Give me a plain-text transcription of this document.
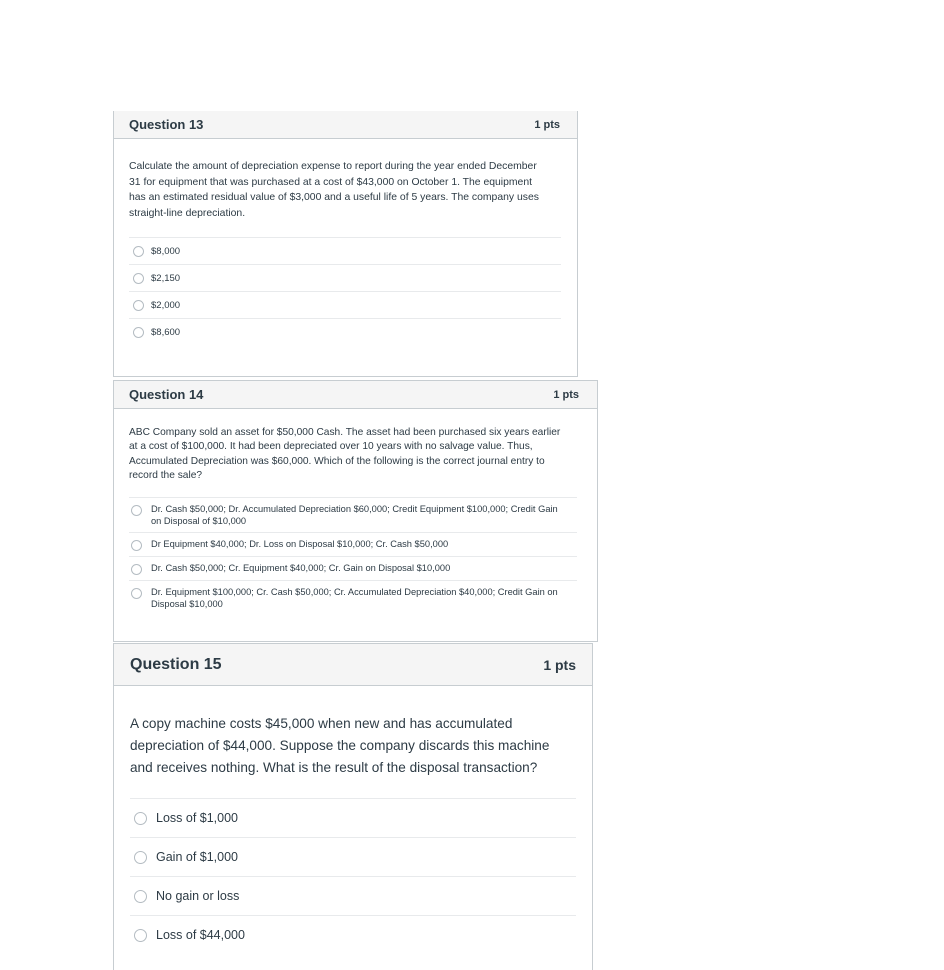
Question 13	1 pts
Calculate the amount of depreciation expense to report during the year ended December 31 for equipment that was purchased at a cost of $43,000 on October 1. The equipment has an estimated residual value of $3,000 and a useful life of 5 years. The company uses straight-line depreciation.
$8,000
$2,150
$2,000
$8,600
Question 14	1 pts
ABC Company sold an asset for $50,000 Cash. The asset had been purchased six years earlier at a cost of $100,000. It had been depreciated over 10 years with no salvage value. Thus, Accumulated Depreciation was $60,000. Which of the following is the correct journal entry to record the sale?
Dr. Cash $50,000; Dr. Accumulated Depreciation $60,000; Credit Equipment $100,000; Credit Gain on Disposal of $10,000
Dr Equipment $40,000; Dr. Loss on Disposal $10,000; Cr. Cash $50,000
Dr. Cash $50,000; Cr. Equipment $40,000; Cr. Gain on Disposal $10,000
Dr. Equipment $100,000; Cr. Cash $50,000; Cr. Accumulated Depreciation $40,000; Credit Gain on Disposal $10,000
Question 15	1 pts
A copy machine costs $45,000 when new and has accumulated depreciation of $44,000. Suppose the company discards this machine and receives nothing. What is the result of the disposal transaction?
Loss of $1,000
Gain of $1,000
No gain or loss
Loss of $44,000
